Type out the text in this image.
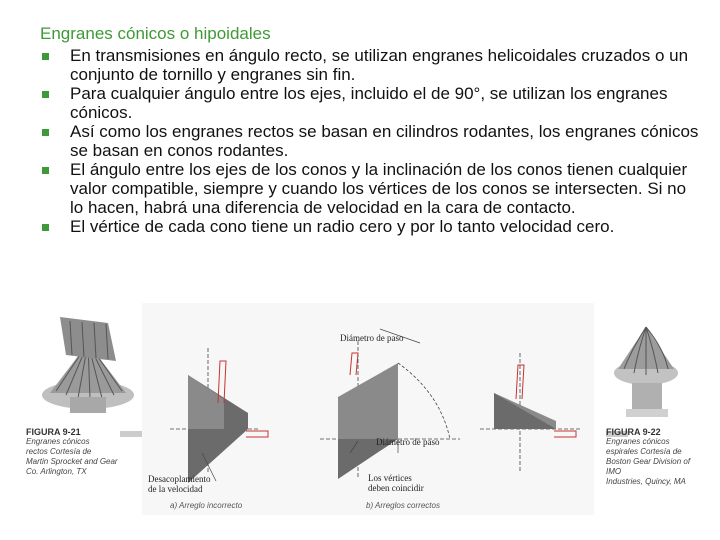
Engranes cónicos o hipoidales
En transmisiones en ángulo recto, se utilizan engranes helicoidales cruzados o un conjunto de tornillo y engranes sin fin.
Para cualquier ángulo entre los ejes, incluido el de 90°, se utilizan los engranes cónicos.
Así como los engranes rectos se basan en cilindros rodantes, los engranes cónicos se basan en conos rodantes.
El ángulo entre los ejes de los conos y la inclinación de los conos tienen cualquier valor compatible, siempre y cuando los vértices de los conos se intersecten. Si no lo hacen, habrá una diferencia de velocidad en la cara de contacto.
El vértice de cada cono tiene un radio cero y por lo tanto velocidad cero.
FIGURA 9-21
Engranes cónicos
rectos Cortesía de
Martin Sprocket and Gear
Co. Arlington, TX
FIGURA 9-22
Engranes cónicos
espirales Cortesía de
Boston Gear Division of IMO
Industries, Quincy, MA
Diámetro de paso
Diámetro de paso
Desacoplamiento
de la velocidad
Los vértices
deben coincidir
a) Arreglo incorrecto	b) Arreglos correctos
